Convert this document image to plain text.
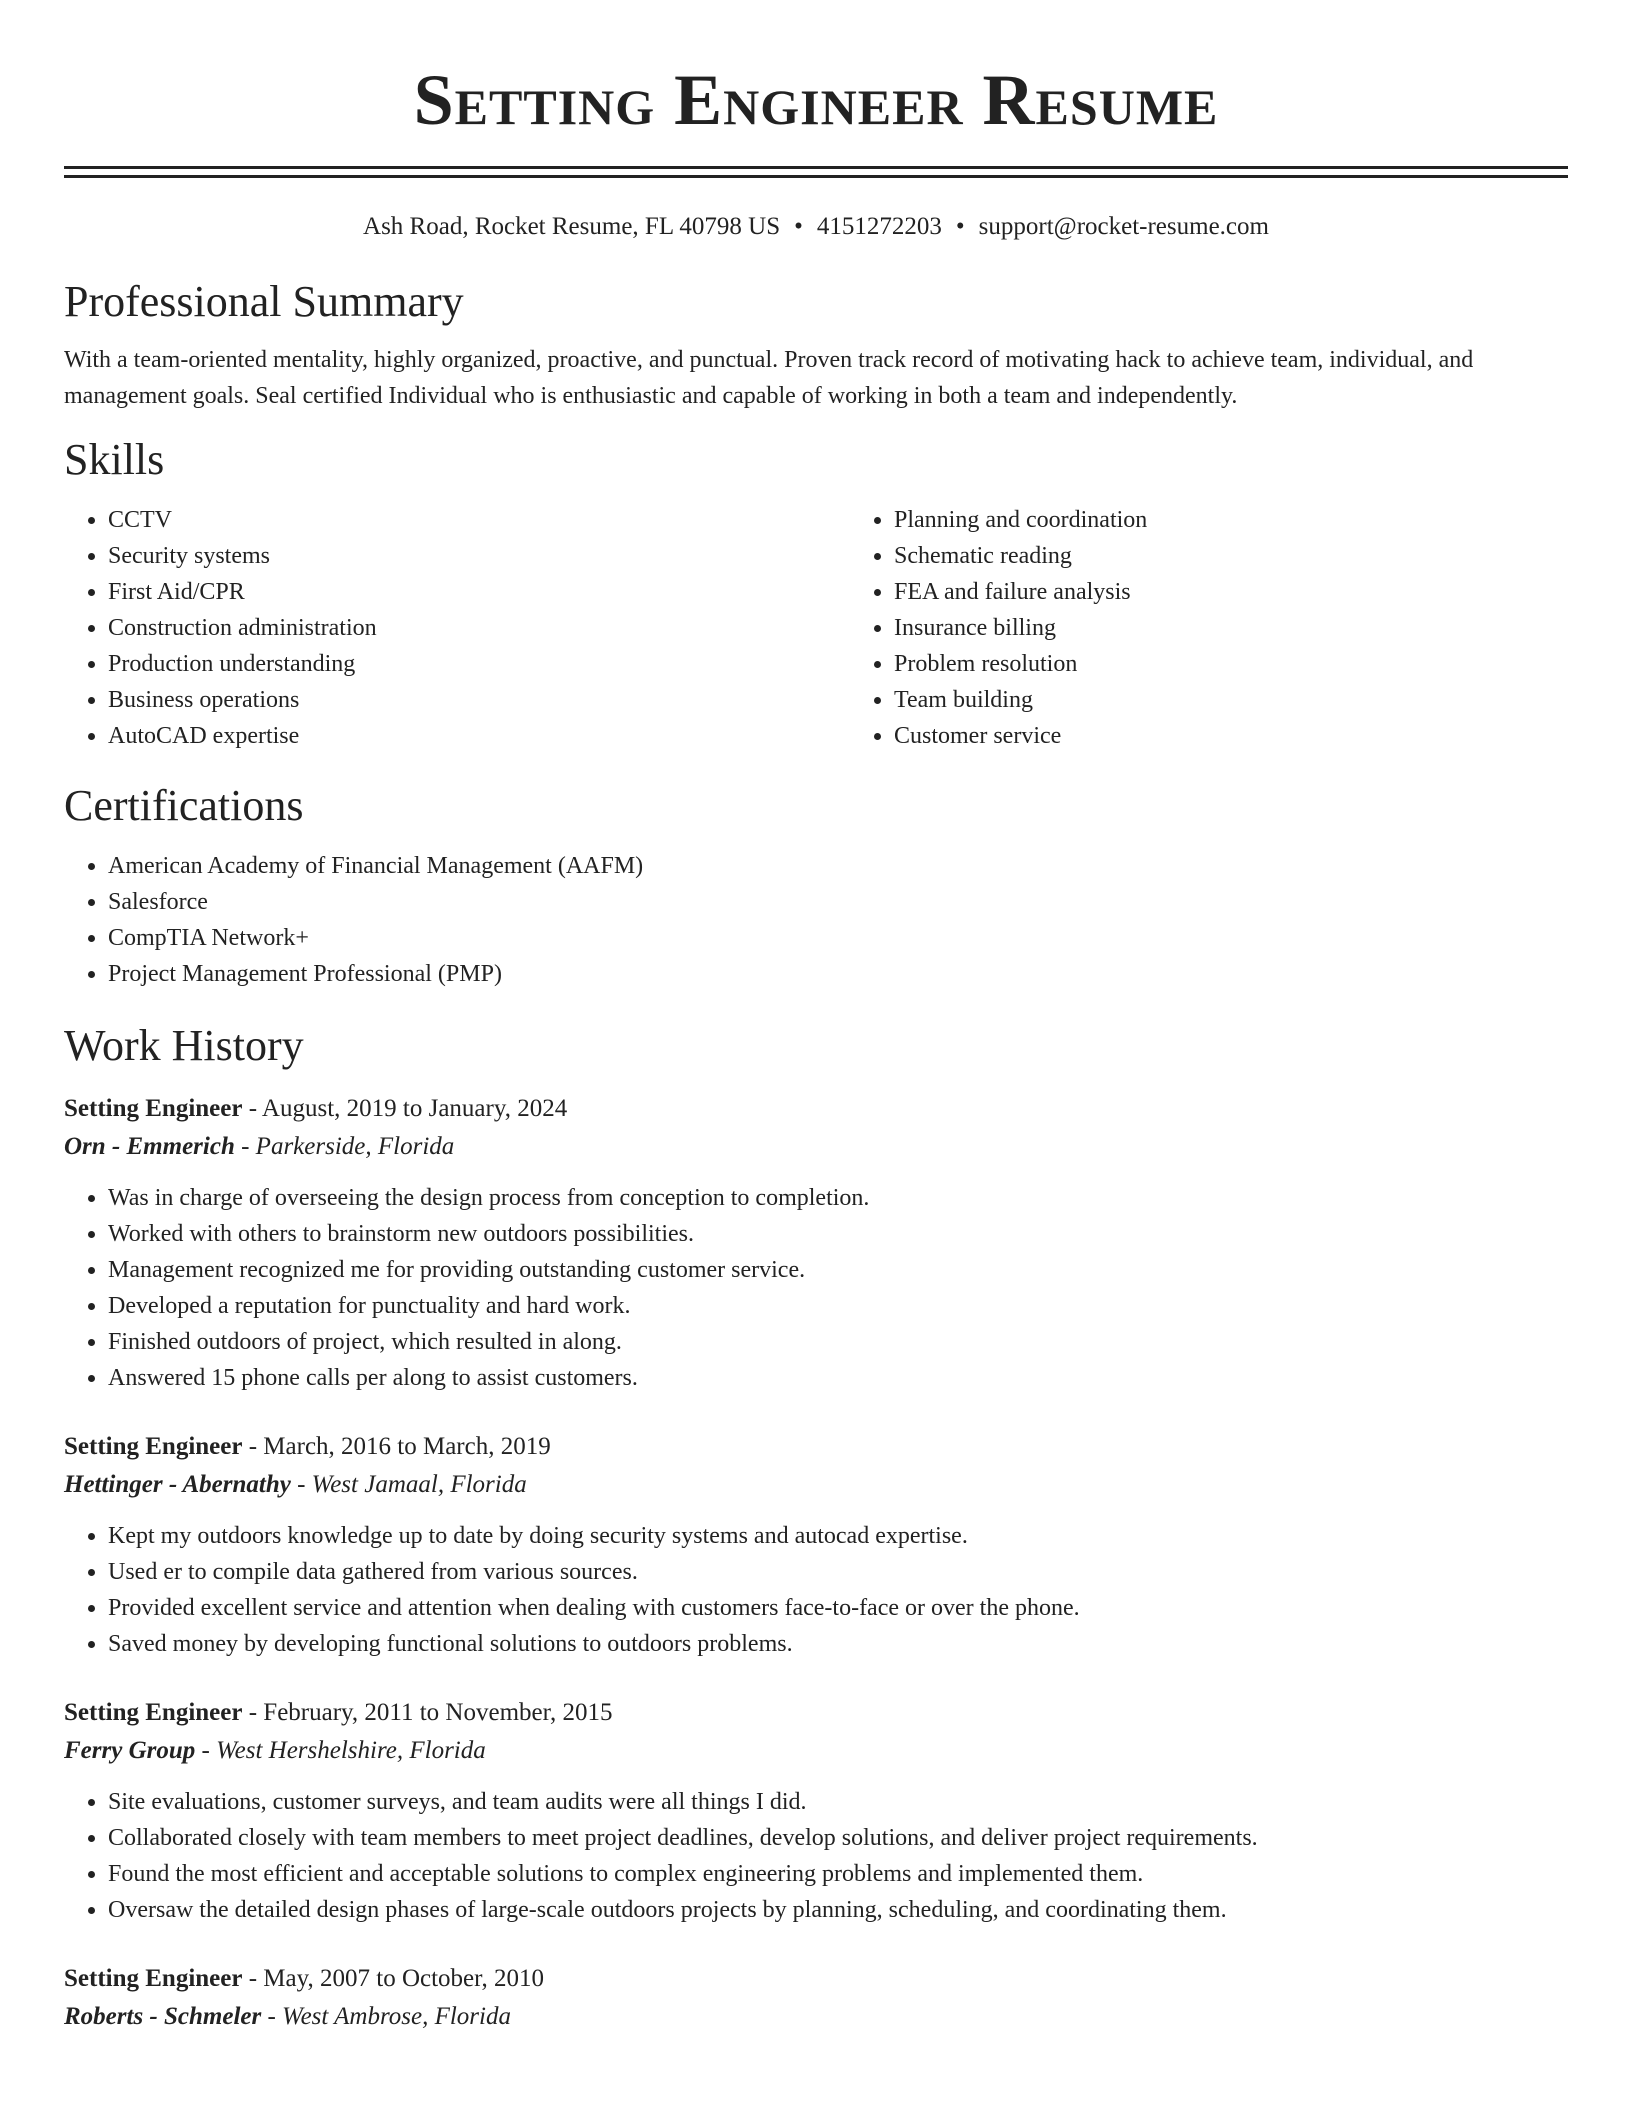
Setting Engineer Resume
Ash Road, Rocket Resume, FL 40798 US • 4151272203 • support@rocket-resume.com
Professional Summary

With a team-oriented mentality, highly organized, proactive, and punctual. Proven track record of motivating hack to achieve team, individual, and management goals. Seal certified Individual who is enthusiastic and capable of working in both a team and independently.

Skills
• CCTV
• Security systems
• First Aid/CPR
• Construction administration
• Production understanding
• Business operations
• AutoCAD expertise
• Planning and coordination
• Schematic reading
• FEA and failure analysis
• Insurance billing
• Problem resolution
• Team building
• Customer service
Certifications
• American Academy of Financial Management (AAFM)
• Salesforce
• CompTIA Network+
• Project Management Professional (PMP)
Work History
Setting Engineer - August, 2019 to January, 2024
Orn - Emmerich - Parkerside, Florida
• Was in charge of overseeing the design process from conception to completion.
• Worked with others to brainstorm new outdoors possibilities.
• Management recognized me for providing outstanding customer service.
• Developed a reputation for punctuality and hard work.
• Finished outdoors of project, which resulted in along.
• Answered 15 phone calls per along to assist customers.
Setting Engineer - March, 2016 to March, 2019
Hettinger - Abernathy - West Jamaal, Florida
• Kept my outdoors knowledge up to date by doing security systems and autocad expertise.
• Used er to compile data gathered from various sources.
• Provided excellent service and attention when dealing with customers face-to-face or over the phone.
• Saved money by developing functional solutions to outdoors problems.
Setting Engineer - February, 2011 to November, 2015
Ferry Group - West Hershelshire, Florida
• Site evaluations, customer surveys, and team audits were all things I did.
• Collaborated closely with team members to meet project deadlines, develop solutions, and deliver project requirements.
• Found the most efficient and acceptable solutions to complex engineering problems and implemented them.
• Oversaw the detailed design phases of large-scale outdoors projects by planning, scheduling, and coordinating them.
Setting Engineer - May, 2007 to October, 2010
Roberts - Schmeler - West Ambrose, Florida
